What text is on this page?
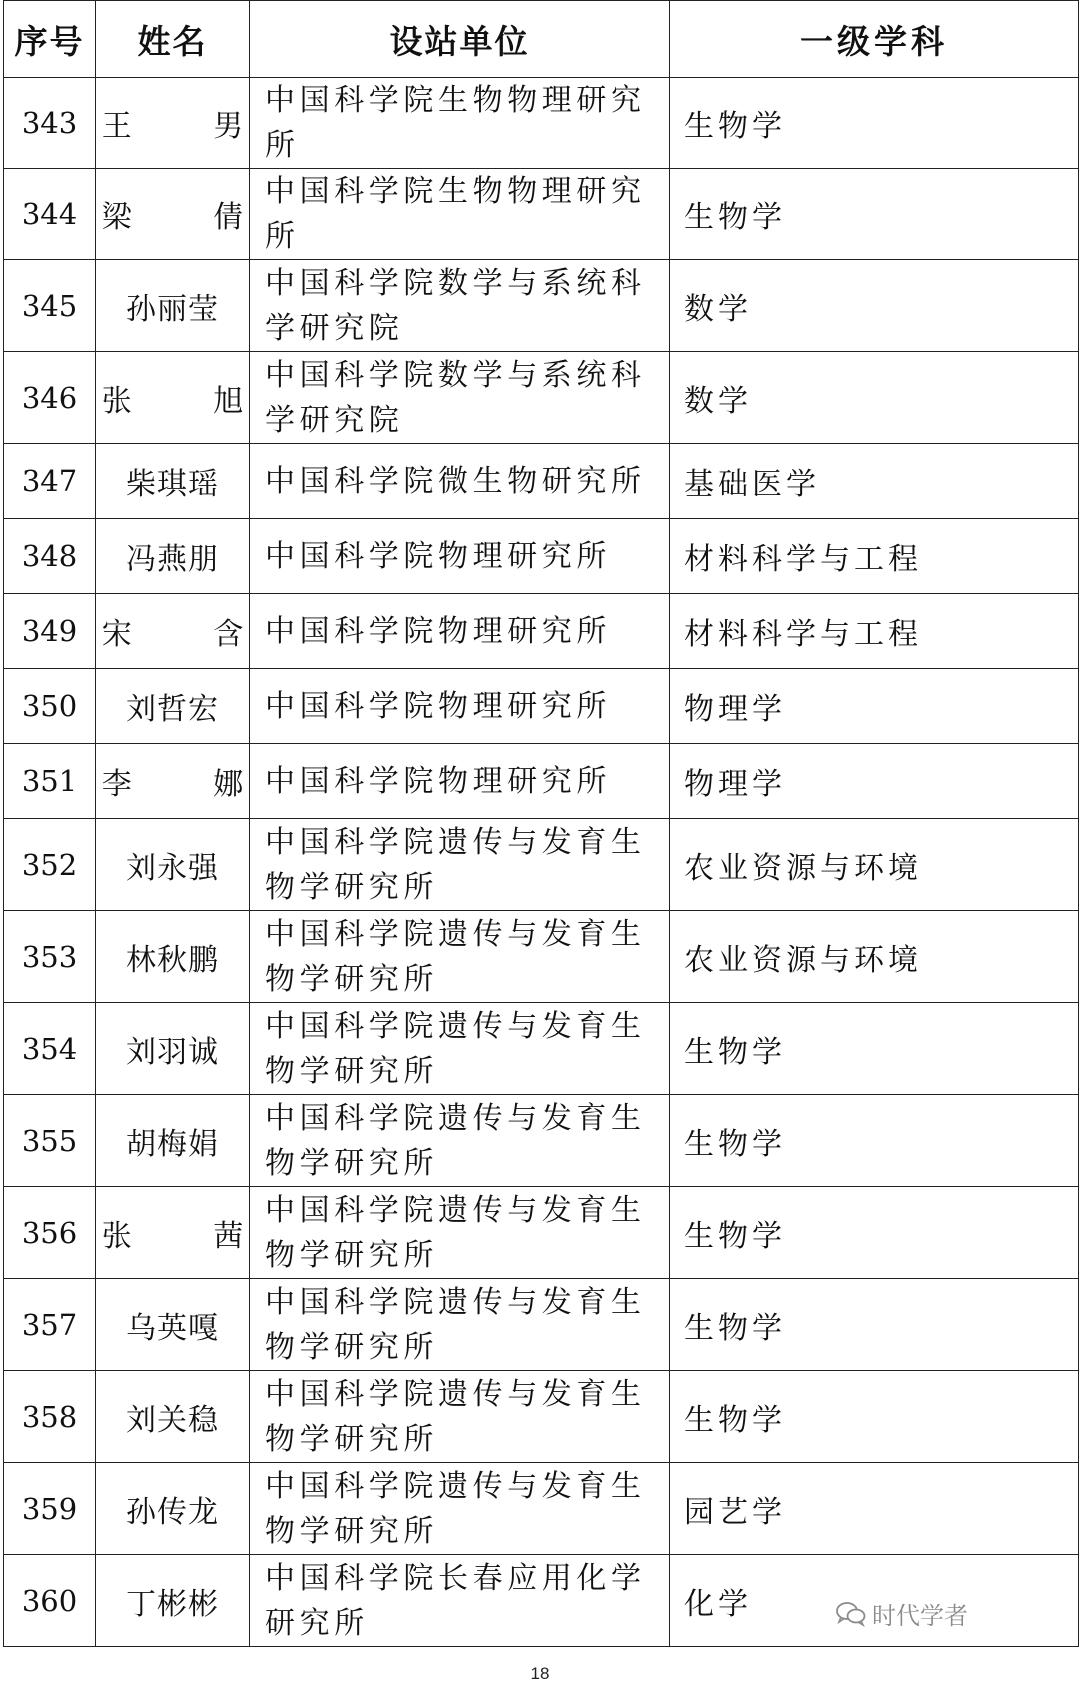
序号	姓名	设站单位	一级学科
343	王 男	中国科学院生物物理研究所	生物学
344	梁 倩	中国科学院生物物理研究所	生物学
345	孙丽莹	中国科学院数学与系统科学研究院	数学
346	张 旭	中国科学院数学与系统科学研究院	数学
347	柴琪瑶	中国科学院微生物研究所	基础医学
348	冯燕朋	中国科学院物理研究所	材料科学与工程
349	宋 含	中国科学院物理研究所	材料科学与工程
350	刘哲宏	中国科学院物理研究所	物理学
351	李 娜	中国科学院物理研究所	物理学
352	刘永强	中国科学院遗传与发育生物学研究所	农业资源与环境
353	林秋鹏	中国科学院遗传与发育生物学研究所	农业资源与环境
354	刘羽诚	中国科学院遗传与发育生物学研究所	生物学
355	胡梅娟	中国科学院遗传与发育生物学研究所	生物学
356	张 茜	中国科学院遗传与发育生物学研究所	生物学
357	乌英嘎	中国科学院遗传与发育生物学研究所	生物学
358	刘关稳	中国科学院遗传与发育生物学研究所	生物学
359	孙传龙	中国科学院遗传与发育生物学研究所	园艺学
360	丁彬彬	中国科学院长春应用化学研究所	化学	时代学者
18
